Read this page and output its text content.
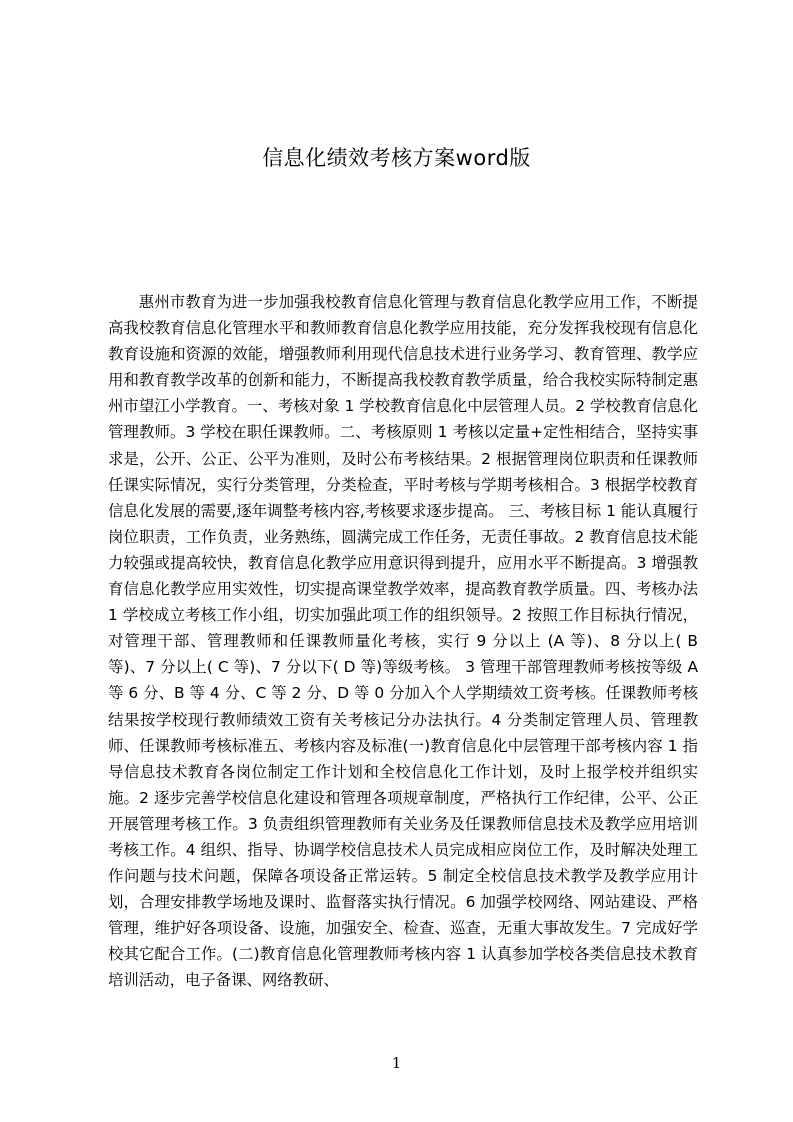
信息化绩效考核方案word版

惠州市教育为进一步加强我校教育信息化管理与教育信息化教学应用工作，不断提高我校教育信息化管理水平和教师教育信息化教学应用技能，充分发挥我校现有信息化教育设施和资源的效能，增强教师利用现代信息技术进行业务学习、教育管理、教学应用和教育教学改革的创新和能力，不断提高我校教育教学质量，给合我校实际特制定惠州市望江小学教育。一、考核对象 1 学校教育信息化中层管理人员。2 学校教育信息化管理教师。3 学校在职任课教师。二、考核原则 1 考核以定量+定性相结合，坚持实事求是，公开、公正、公平为准则，及时公布考核结果。2 根据管理岗位职责和任课教师任课实际情况，实行分类管理，分类检查，平时考核与学期考核相合。3 根据学校教育信息化发展的需要,逐年调整考核内容,考核要求逐步提高。 三、考核目标 1 能认真履行岗位职责，工作负责，业务熟练，圆满完成工作任务，无责任事故。2 教育信息技术能力较强或提高较快，教育信息化教学应用意识得到提升，应用水平不断提高。3 增强教育信息化教学应用实效性，切实提高课堂教学效率，提高教育教学质量。四、考核办法 1 学校成立考核工作小组，切实加强此项工作的组织领导。2 按照工作目标执行情况，对管理干部、管理教师和任课教师量化考核，实行 9 分以上 (A 等)、8 分以上( B 等)、7 分以上( C 等)、7 分以下( D 等)等级考核。 3 管理干部管理教师考核按等级 A 等 6 分、B 等 4 分、C 等 2 分、D 等 0 分加入个人学期绩效工资考核。任课教师考核结果按学校现行教师绩效工资有关考核记分办法执行。4 分类制定管理人员、管理教师、任课教师考核标准五、考核内容及标准(一)教育信息化中层管理干部考核内容 1 指导信息技术教育各岗位制定工作计划和全校信息化工作计划，及时上报学校并组织实施。2 逐步完善学校信息化建设和管理各项规章制度，严格执行工作纪律，公平、公正开展管理考核工作。3 负责组织管理教师有关业务及任课教师信息技术及教学应用培训考核工作。4 组织、指导、协调学校信息技术人员完成相应岗位工作，及时解决处理工作问题与技术问题，保障各项设备正常运转。5 制定全校信息技术教学及教学应用计划，合理安排教学场地及课时、监督落实执行情况。6 加强学校网络、网站建设、严格管理，维护好各项设备、设施，加强安全、检查、巡查，无重大事故发生。7 完成好学校其它配合工作。(二)教育信息化管理教师考核内容 1 认真参加学校各类信息技术教育培训活动，电子备课、网络教研、

1
